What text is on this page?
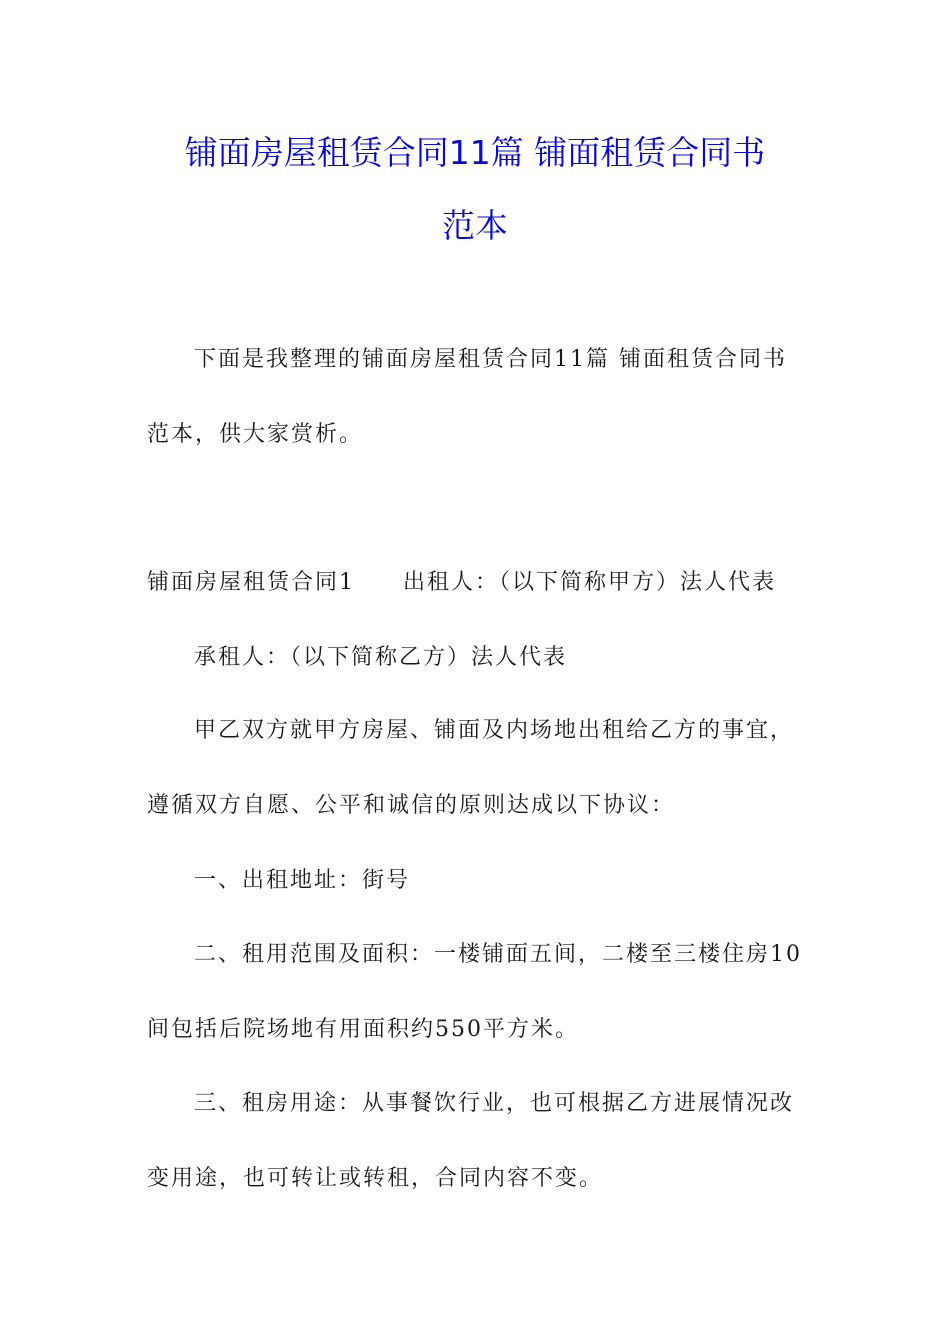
铺面房屋租赁合同11篇 铺面租赁合同书
范本
下面是我整理的铺面房屋租赁合同11篇 铺面租赁合同书
范本，供大家赏析。
铺面房屋租赁合同1 出租人：（以下简称甲方）法人代表
承租人：（以下简称乙方）法人代表
甲乙双方就甲方房屋、铺面及内场地出租给乙方的事宜，
遵循双方自愿、公平和诚信的原则达成以下协议：
一、出租地址：街号
二、租用范围及面积：一楼铺面五间，二楼至三楼住房10
间包括后院场地有用面积约550平方米。
三、租房用途：从事餐饮行业，也可根据乙方进展情况改
变用途，也可转让或转租，合同内容不变。
